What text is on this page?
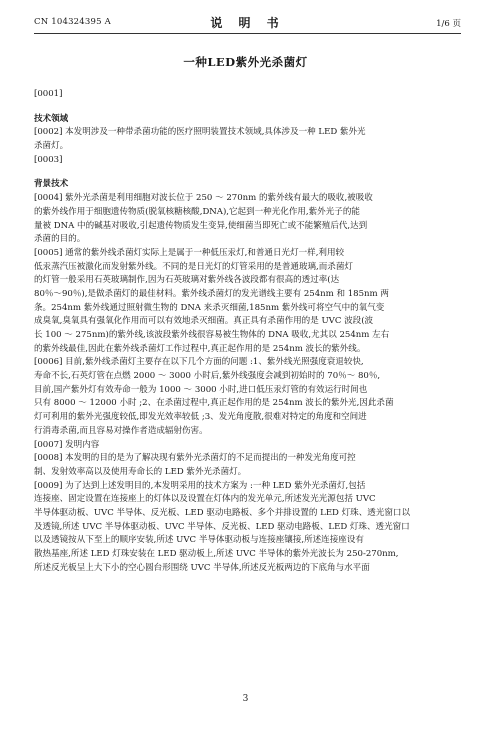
CN 104324395 A	说 明 书	1/6 页
一种LED紫外光杀菌灯
[0001]
技术领域
[0002] 本发明涉及一种带杀菌功能的医疗照明装置技术领域,具体涉及一种 LED 紫外光
杀菌灯。
[0003]
背景技术
[0004] 紫外光杀菌是利用细胞对波长位于 250 ～ 270nm 的紫外线有最大的吸收,被吸收
的紫外线作用于细胞遗传物质(脱氧核糖核酸,DNA),它起到一种光化作用,紫外光子的能
量被 DNA 中的碱基对吸收,引起遗传物质发生变异,使细菌当即死亡或不能繁殖后代,达到
杀菌的目的。
[0005] 通常的紫外线杀菌灯实际上是属于一种低压汞灯,和普通日光灯一样,利用较
低汞蒸汽压被激化而发射紫外线。不同的是日光灯的灯管采用的是普通玻璃,而杀菌灯
的灯管一般采用石英玻璃制作,因为石英玻璃对紫外线各波段都有很高的透过率(达
80％～90％),是做杀菌灯的最佳材料。紫外线杀菌灯的发光谱线主要有 254nm 和 185nm 两
条。254nm 紫外线通过照射微生物的 DNA 来杀灭细菌,185nm 紫外线可将空气中的氧气变
成臭氧,臭氧具有强氧化作用而可以有效地杀灭细菌。真正具有杀菌作用的是 UVC 波段(波
长 100 ～ 275nm)的紫外线,该波段紫外线很容易被生物体的 DNA 吸收,尤其以 254nm 左右
的紫外线最佳,因此在紫外线杀菌灯工作过程中,真正起作用的是 254nm 波长的紫外线。
[0006] 目前,紫外线杀菌灯主要存在以下几个方面的问题 :1、紫外线光照强度衰退较快,
寿命不长,石英灯管在点燃 2000 ～ 3000 小时后,紫外线强度会减到初始时的 70％～ 80％,
目前,国产紫外灯有效寿命一般为 1000 ～ 3000 小时,进口低压汞灯管的有效运行时间也
只有 8000 ～ 12000 小时 ;2、在杀菌过程中,真正起作用的是 254nm 波长的紫外光,因此杀菌
灯可利用的紫外光强度较低,即发光效率较低 ;3、发光角度散,很难对特定的角度和空间进
行消毒杀菌,而且容易对操作者造成辐射伤害。
[0007] 发明内容
[0008] 本发明的目的是为了解决现有紫外光杀菌灯的不足而提出的一种发光角度可控
制、发射效率高以及使用寿命长的 LED 紫外光杀菌灯。
[0009] 为了达到上述发明目的,本发明采用的技术方案为 :一种 LED 紫外光杀菌灯,包括
连接座、固定设置在连接座上的灯体以及设置在灯体内的发光单元,所述发光光源包括 UVC
半导体驱动板、UVC 半导体、反光板、LED 驱动电路板、多个并排设置的 LED 灯珠、透光窗口以
及透镜,所述 UVC 半导体驱动板、UVC 半导体、反光板、LED 驱动电路板、LED 灯珠、透光窗口
以及透镜按从下至上的顺序安装,所述 UVC 半导体驱动板与连接座镶接,所述连接座设有
散热基座,所述 LED 灯珠安装在 LED 驱动板上,所述 UVC 半导体的紫外光波长为 250-270nm,
所述反光板呈上大下小的空心圆台形围绕 UVC 半导体,所述反光板两边的下底角与水平面
3
